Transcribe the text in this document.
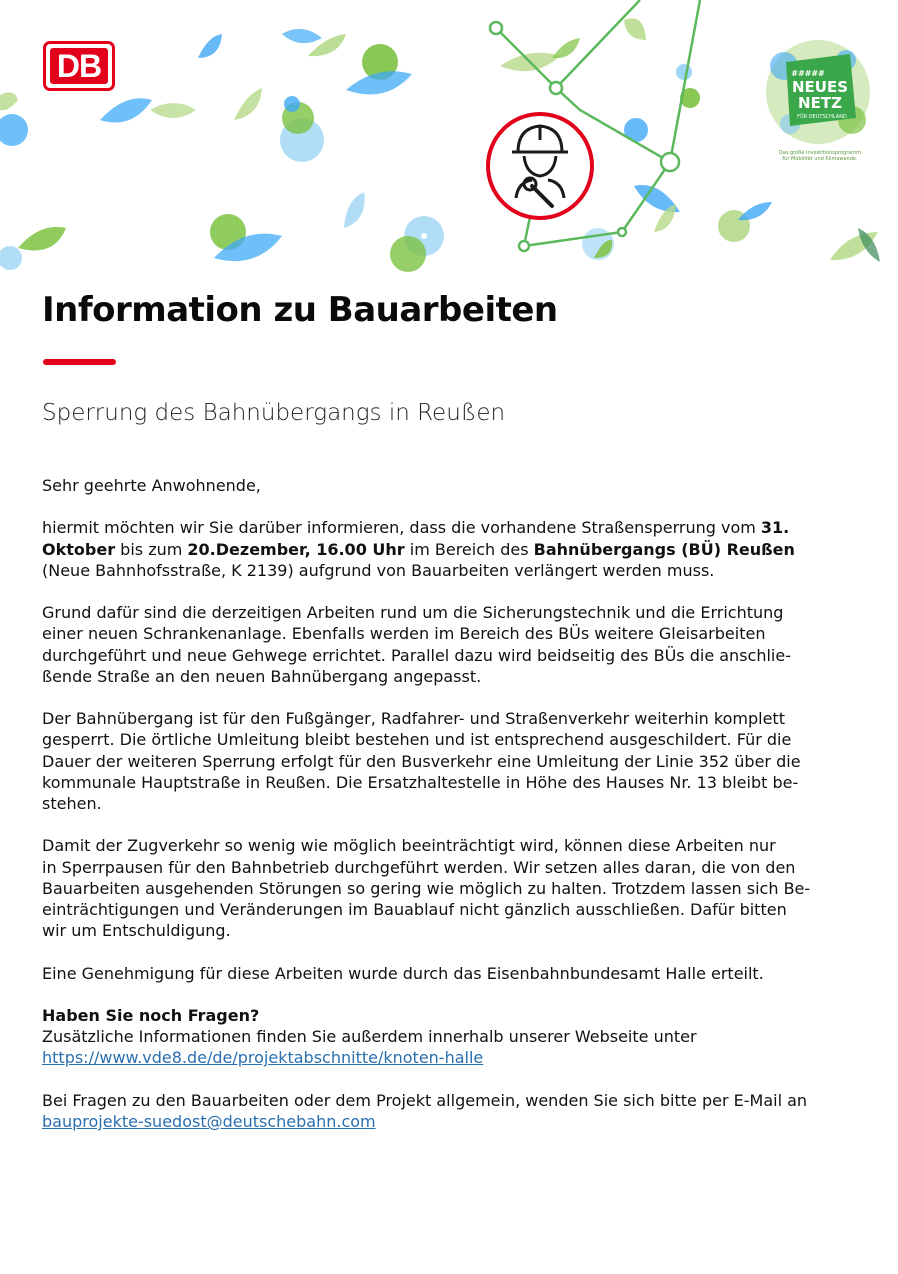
#####
NEUES
NETZ
FÜR DEUTSCHLAND
DB
Das große Investitionsprogramm
für Mobilität und Klimawende.
Information zu Bauarbeiten
Sperrung des Bahnübergangs in Reußen

Sehr geehrte Anwohnende,

hiermit möchten wir Sie darüber informieren, dass die vorhandene Straßensperrung vom 31.
Oktober bis zum 20.Dezember, 16.00 Uhr im Bereich des Bahnübergangs (BÜ) Reußen
(Neue Bahnhofsstraße, K 2139) aufgrund von Bauarbeiten verlängert werden muss.

Grund dafür sind die derzeitigen Arbeiten rund um die Sicherungstechnik und die Errichtung
einer neuen Schrankenanlage. Ebenfalls werden im Bereich des BÜs weitere Gleisarbeiten
durchgeführt und neue Gehwege errichtet. Parallel dazu wird beidseitig des BÜs die anschlie-
ßende Straße an den neuen Bahnübergang angepasst.

Der Bahnübergang ist für den Fußgänger, Radfahrer- und Straßenverkehr weiterhin komplett
gesperrt. Die örtliche Umleitung bleibt bestehen und ist entsprechend ausgeschildert. Für die
Dauer der weiteren Sperrung erfolgt für den Busverkehr eine Umleitung der Linie 352 über die
kommunale Hauptstraße in Reußen. Die Ersatzhaltestelle in Höhe des Hauses Nr. 13 bleibt be-
stehen.

Damit der Zugverkehr so wenig wie möglich beeinträchtigt wird, können diese Arbeiten nur
in Sperrpausen für den Bahnbetrieb durchgeführt werden. Wir setzen alles daran, die von den
Bauarbeiten ausgehenden Störungen so gering wie möglich zu halten. Trotzdem lassen sich Be-
einträchtigungen und Veränderungen im Bauablauf nicht gänzlich ausschließen. Dafür bitten
wir um Entschuldigung.

Eine Genehmigung für diese Arbeiten wurde durch das Eisenbahnbundesamt Halle erteilt.

Haben Sie noch Fragen?
Zusätzliche Informationen finden Sie außerdem innerhalb unserer Webseite unter
https://www.vde8.de/de/projektabschnitte/knoten-halle

Bei Fragen zu den Bauarbeiten oder dem Projekt allgemein, wenden Sie sich bitte per E-Mail an
bauprojekte-suedost@deutschebahn.com
